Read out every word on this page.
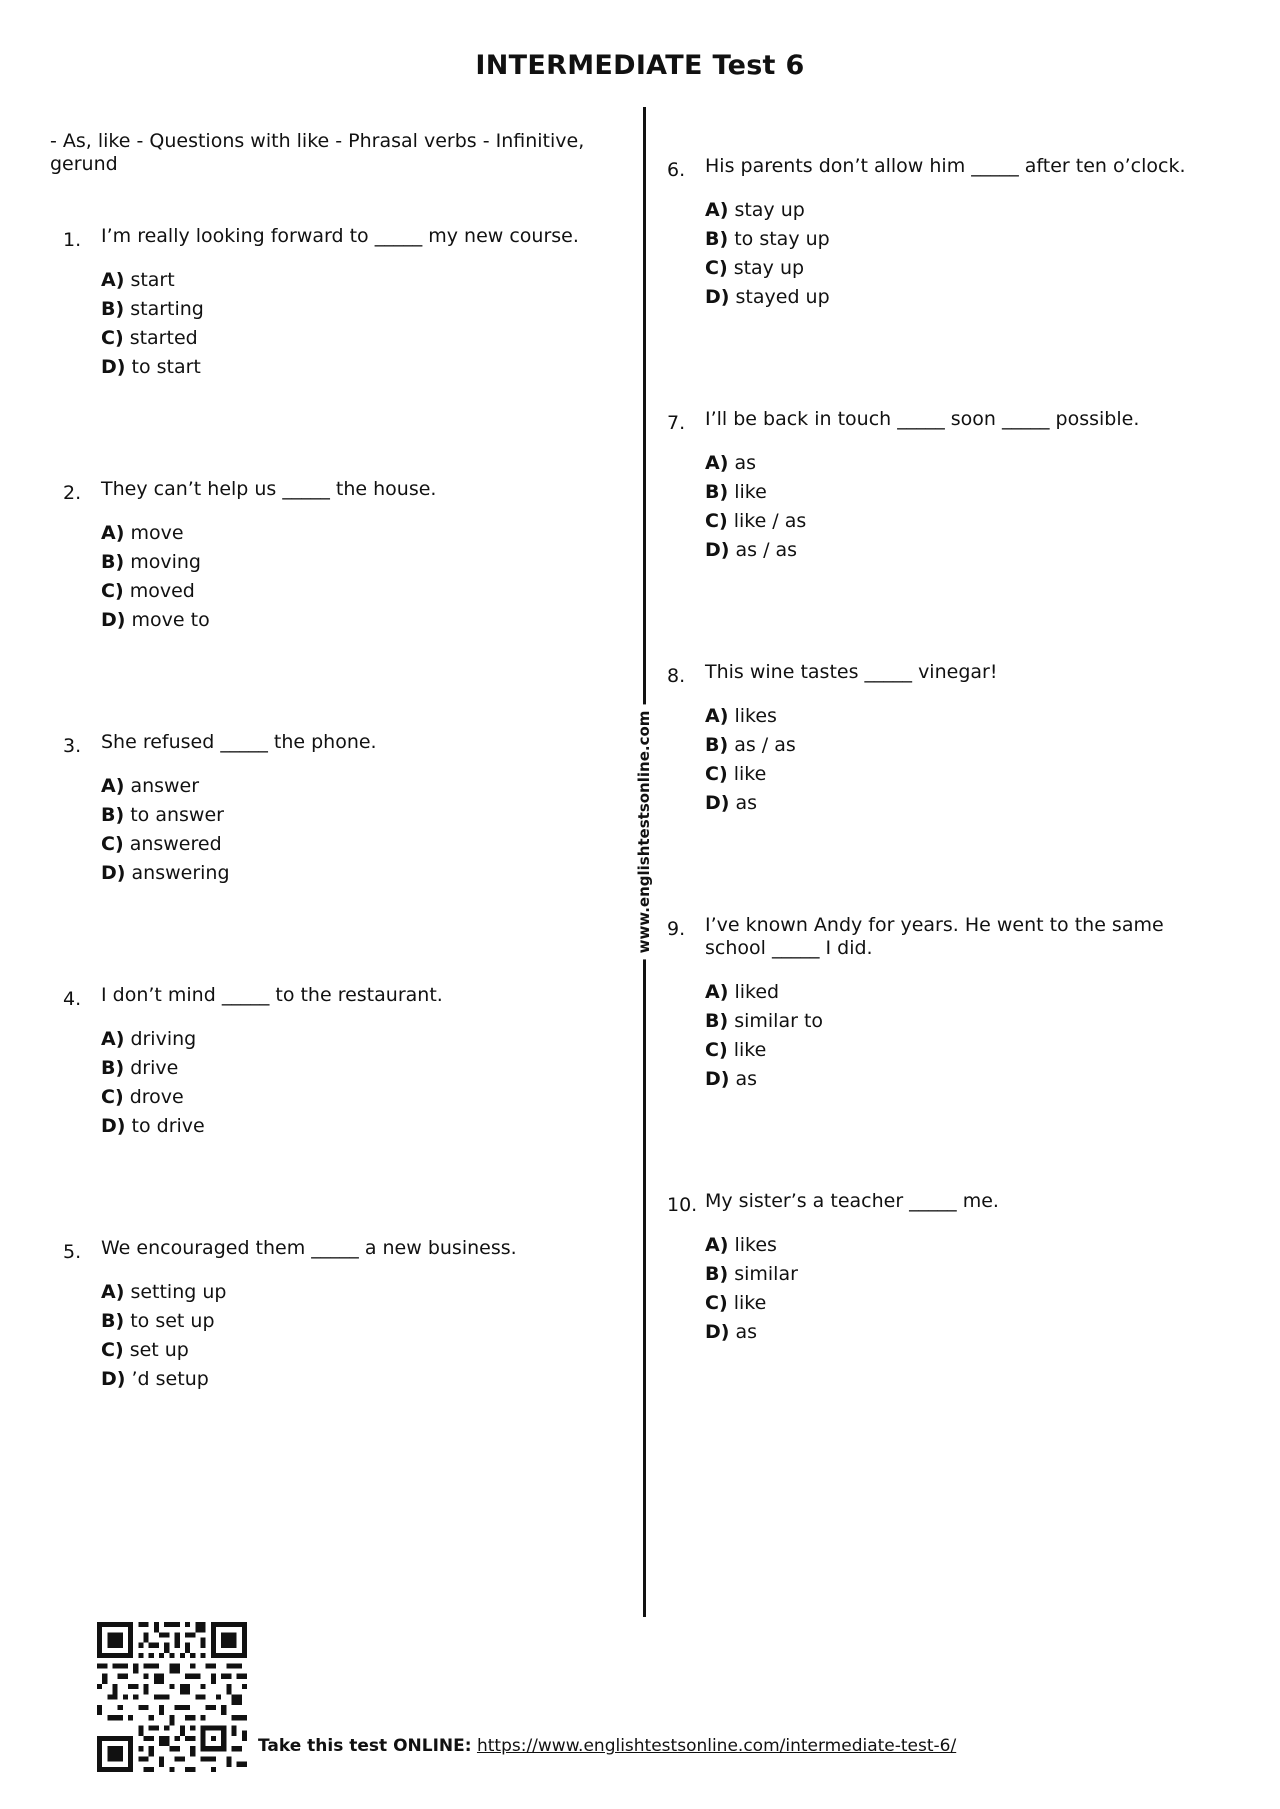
INTERMEDIATE Test 6
- As, like - Questions with like - Phrasal verbs - Infinitive, gerund
www.englishtestsonline.com
1. I’m really looking forward to _____ my new course.
A) start
B) starting
C) started
D) to start
2. They can’t help us _____ the house.
A) move
B) moving
C) moved
D) move to
3. She refused _____ the phone.
A) answer
B) to answer
C) answered
D) answering
4. I don’t mind _____ to the restaurant.
A) driving
B) drive
C) drove
D) to drive
5. We encouraged them _____ a new business.
A) setting up
B) to set up
C) set up
D) ’d setup
6. His parents don’t allow him _____ after ten o’clock.
A) stay up
B) to stay up
C) stay up
D) stayed up
7. I’ll be back in touch _____ soon _____ possible.
A) as
B) like
C) like / as
D) as / as
8. This wine tastes _____ vinegar!
A) likes
B) as / as
C) like
D) as
9. I’ve known Andy for years. He went to the same school _____ I did.
A) liked
B) similar to
C) like
D) as
10. My sister’s a teacher _____ me.
A) likes
B) similar
C) like
D) as
Take this test ONLINE: https://www.englishtestsonline.com/intermediate-test-6/
